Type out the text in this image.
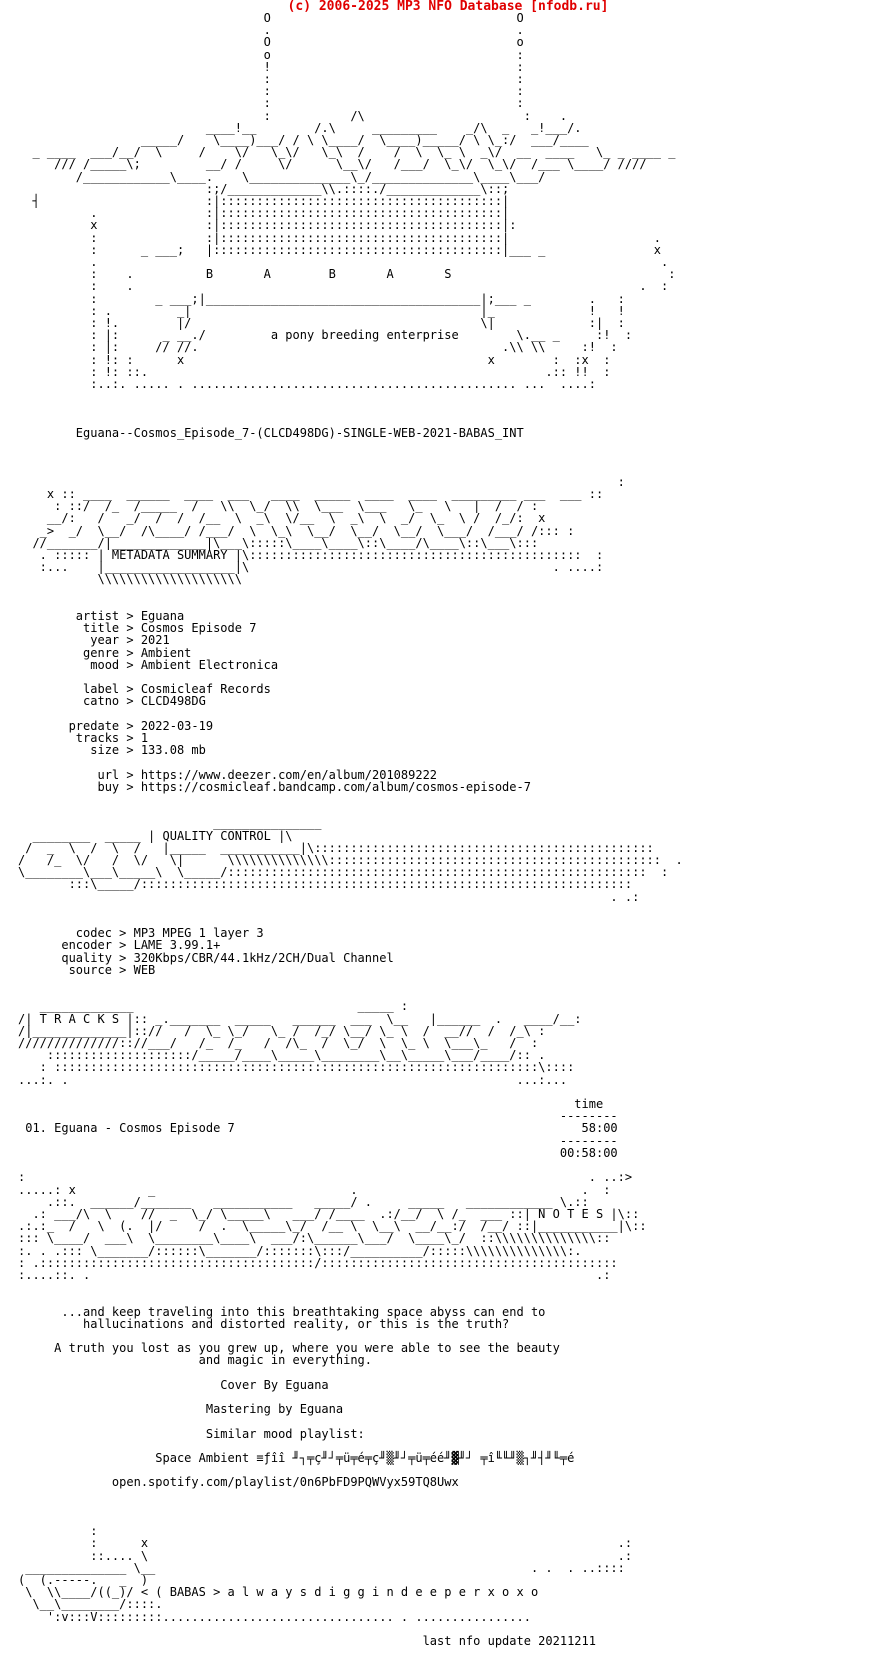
(c) 2006-2025 MP3 NFO Database [nfodb.ru]
O                                  O
.                                  .
O                                  o
o                                  :
!                                  :
:                                  :
:                                  :
:                                  :
:           /\                      :    .
____!__        /.\     _________    _/\  _   _!___/.
_____/    \____)___/ / \ \____/  \____)_____/ \ \_:/  ___/____
_ ____  ___/__/  \     /    \/   \_\/   \_\  /    /  \  \_ \  _\/  __  ____   \_ _ ____ _
/// /_____\;         __/ /     \/      \__\/   /___/  \_\/  \_\/  /___ \____/ ////
/____________\____.    \______________\_/______________\____\___/
:;/_____________\\.::::./_____________\::;
┤                       :|:::::::::::::::::::::::::::::::::::::::|
.               :|:::::::::::::::::::::::::::::::::::::::|
x               :|:::::::::::::::::::::::::::::::::::::::|:
:               :|:::::::::::::::::::::::::::::::::::::::|                    .
:      _ ___;   |::::::::::::::::::::::::::::::::::::::::|___ _               x
.                                                                              .
:    .          B       A        B       A       S                              :
:    .                                                                      .  :
:        _ ___;|______________________________________|;___ _        .   :
: .         _|                                        |_             !   !
: !.        |/                                        \|             :|  :
: |:      _ __./         a pony breeding enterprise        \.__ _     :!  :
: |:     // //.                                          .\\ \\     :!  :
: !: :      x                                          x        :  :x  :
: !: ::.                                                       .:: !!  :
:..:. ..... . ............................................. ...  ....:

Eguana--Cosmos_Episode_7-(CLCD498DG)-SINGLE-WEB-2021-BABAS_INT

:
x :: ____  ______  ____  ___   ____  _____  ____  ____  _________ ___  ___ ::
: ::/  /_  /_____  /   \\  \_/  \\  \___  \___   \_   \   |  /  / :
__/:   /   _/  /  /  /__  \  _\  \/__  \  _\  \  _/  \_  \ /  /_/:  x
_>  _/  \__/  /\____/ /___/  \  \_\  \__/  \__/  \__/  \___/  /___/ /::: :
//_______/|_____________|\___\:::::\____\____\::\____/\____\::\___\:::
. ::::: | METADATA SUMMARY |\::::::::::::::::::::::::::::::::::::::::::::::  :
:...    |__________________|\                                          . ....:
\\\\\\\\\\\\\\\\\\\\

artist > Eguana
title > Cosmos Episode 7
year > 2021
genre > Ambient
mood > Ambient Electronica

label > Cosmicleaf Records
catno > CLCD498DG

predate > 2022-03-19
tracks > 1
size > 133.08 mb

url > https://www.deezer.com/en/album/201089222
buy > https://cosmicleaf.bandcamp.com/album/cosmos-episode-7

_______________
________  _____ | QUALITY CONTROL |\
/  _  \  /  \  /   |_____  ___________|\:::::::::::::::::::::::::::::::::::::::::::::::
/   /_  \/   /  \/   \|      \\\\\\\\\\\\\\::::::::::::::::::::::::::::::::::::::::::::::  .
\________\___\_____\  \_____/::::::::::::::::::::::::::::::::::::::::::::::::::::::::::  :
:::\_____/::::::::::::::::::::::::::::::::::::::::::::::::::::::::::::::::::::
. .:

codec > MP3 MPEG 1 layer 3
encoder > LAME 3.99.1+
quality > 320Kbps/CBR/44.1kHz/2CH/Dual Channel
source > WEB

_____________                               _____ :
/| T R A C K S |:: _._______  _____   ______  ___  \__   |______  .   ____/__:
/|_____________|:://   /  \_ \_/   \_ /  /_/ \__/ \_ \  /  __//  /  /_\ :
//////////////:://___/   /_  /_   /  /\_  /  \_/  \  \_ \  \___\_   /  :
::::::::::::::::::::/_____/____\_____\________\__\_____\___/____/:: .
: :::::::::::::::::::::::::::::::::::::::::::::::::::::::::::::::::::\::::
...:. .                                                              ...:...

time
--------
01. Eguana - Cosmos Episode 7                                                58:00
--------
00:58:00

:                                                                              . ..:>
.....: x          _                           .                               .  :
.::.  ______/_______   ___________   _____/ .     _____   ____________ \.::
.: ___/\  \    //  _  \_/ \_____\   ___/ /____  .:/__/  \ /_  ___ ::| N O T E S |\::
.:.:_  /   \  (.  |/     /  .  \_____\_/  /__ \  \__\  __/__:/  /__/ ::|___________|\::
::: \____/  ___\  \________\____\  ___/:\______\___/  \____\_/  ::\\\\\\\\\\\\\\::
:. . .::: \_______/::::::\_______/:::::::\:::/__________/:::::\\\\\\\\\\\\\\:.
: .::::::::::::::::::::::::::::::::::::::/:::::::::::::::::::::::::::::::::::::::::
:....::. .                                                                      .:

...and keep traveling into this breathtaking space abyss can end to
hallucinations and distorted reality, or this is the truth?

A truth you lost as you grew up, where you were able to see the beauty
and magic in everything.

Cover By Eguana

Mastering by Eguana

Similar mood playlist:

Space Ambient ≡ƒîî ╜┐╤ç╜┘╤ü╤é╤ç╜▒╜┘╤ü╤éé╜▓╜┘ ╤î╙╙╜▒┐╜┤╜╙╤é

open.spotify.com/playlist/0n6PbFD9PQWVyx59TQ8Uwx

:
:      x                                                                 .:
::.... \                                                                 .:
______________ \__                                                    . .  . ..::::
(  (.-----.   _  )
\  \\____/((_)/ < ( BABAS > a l w a y s d i g g i n d e e p e r x o x o
\__\________/::::.
':v:::V:::::::::................................ . ................

last nfo update 20211211
